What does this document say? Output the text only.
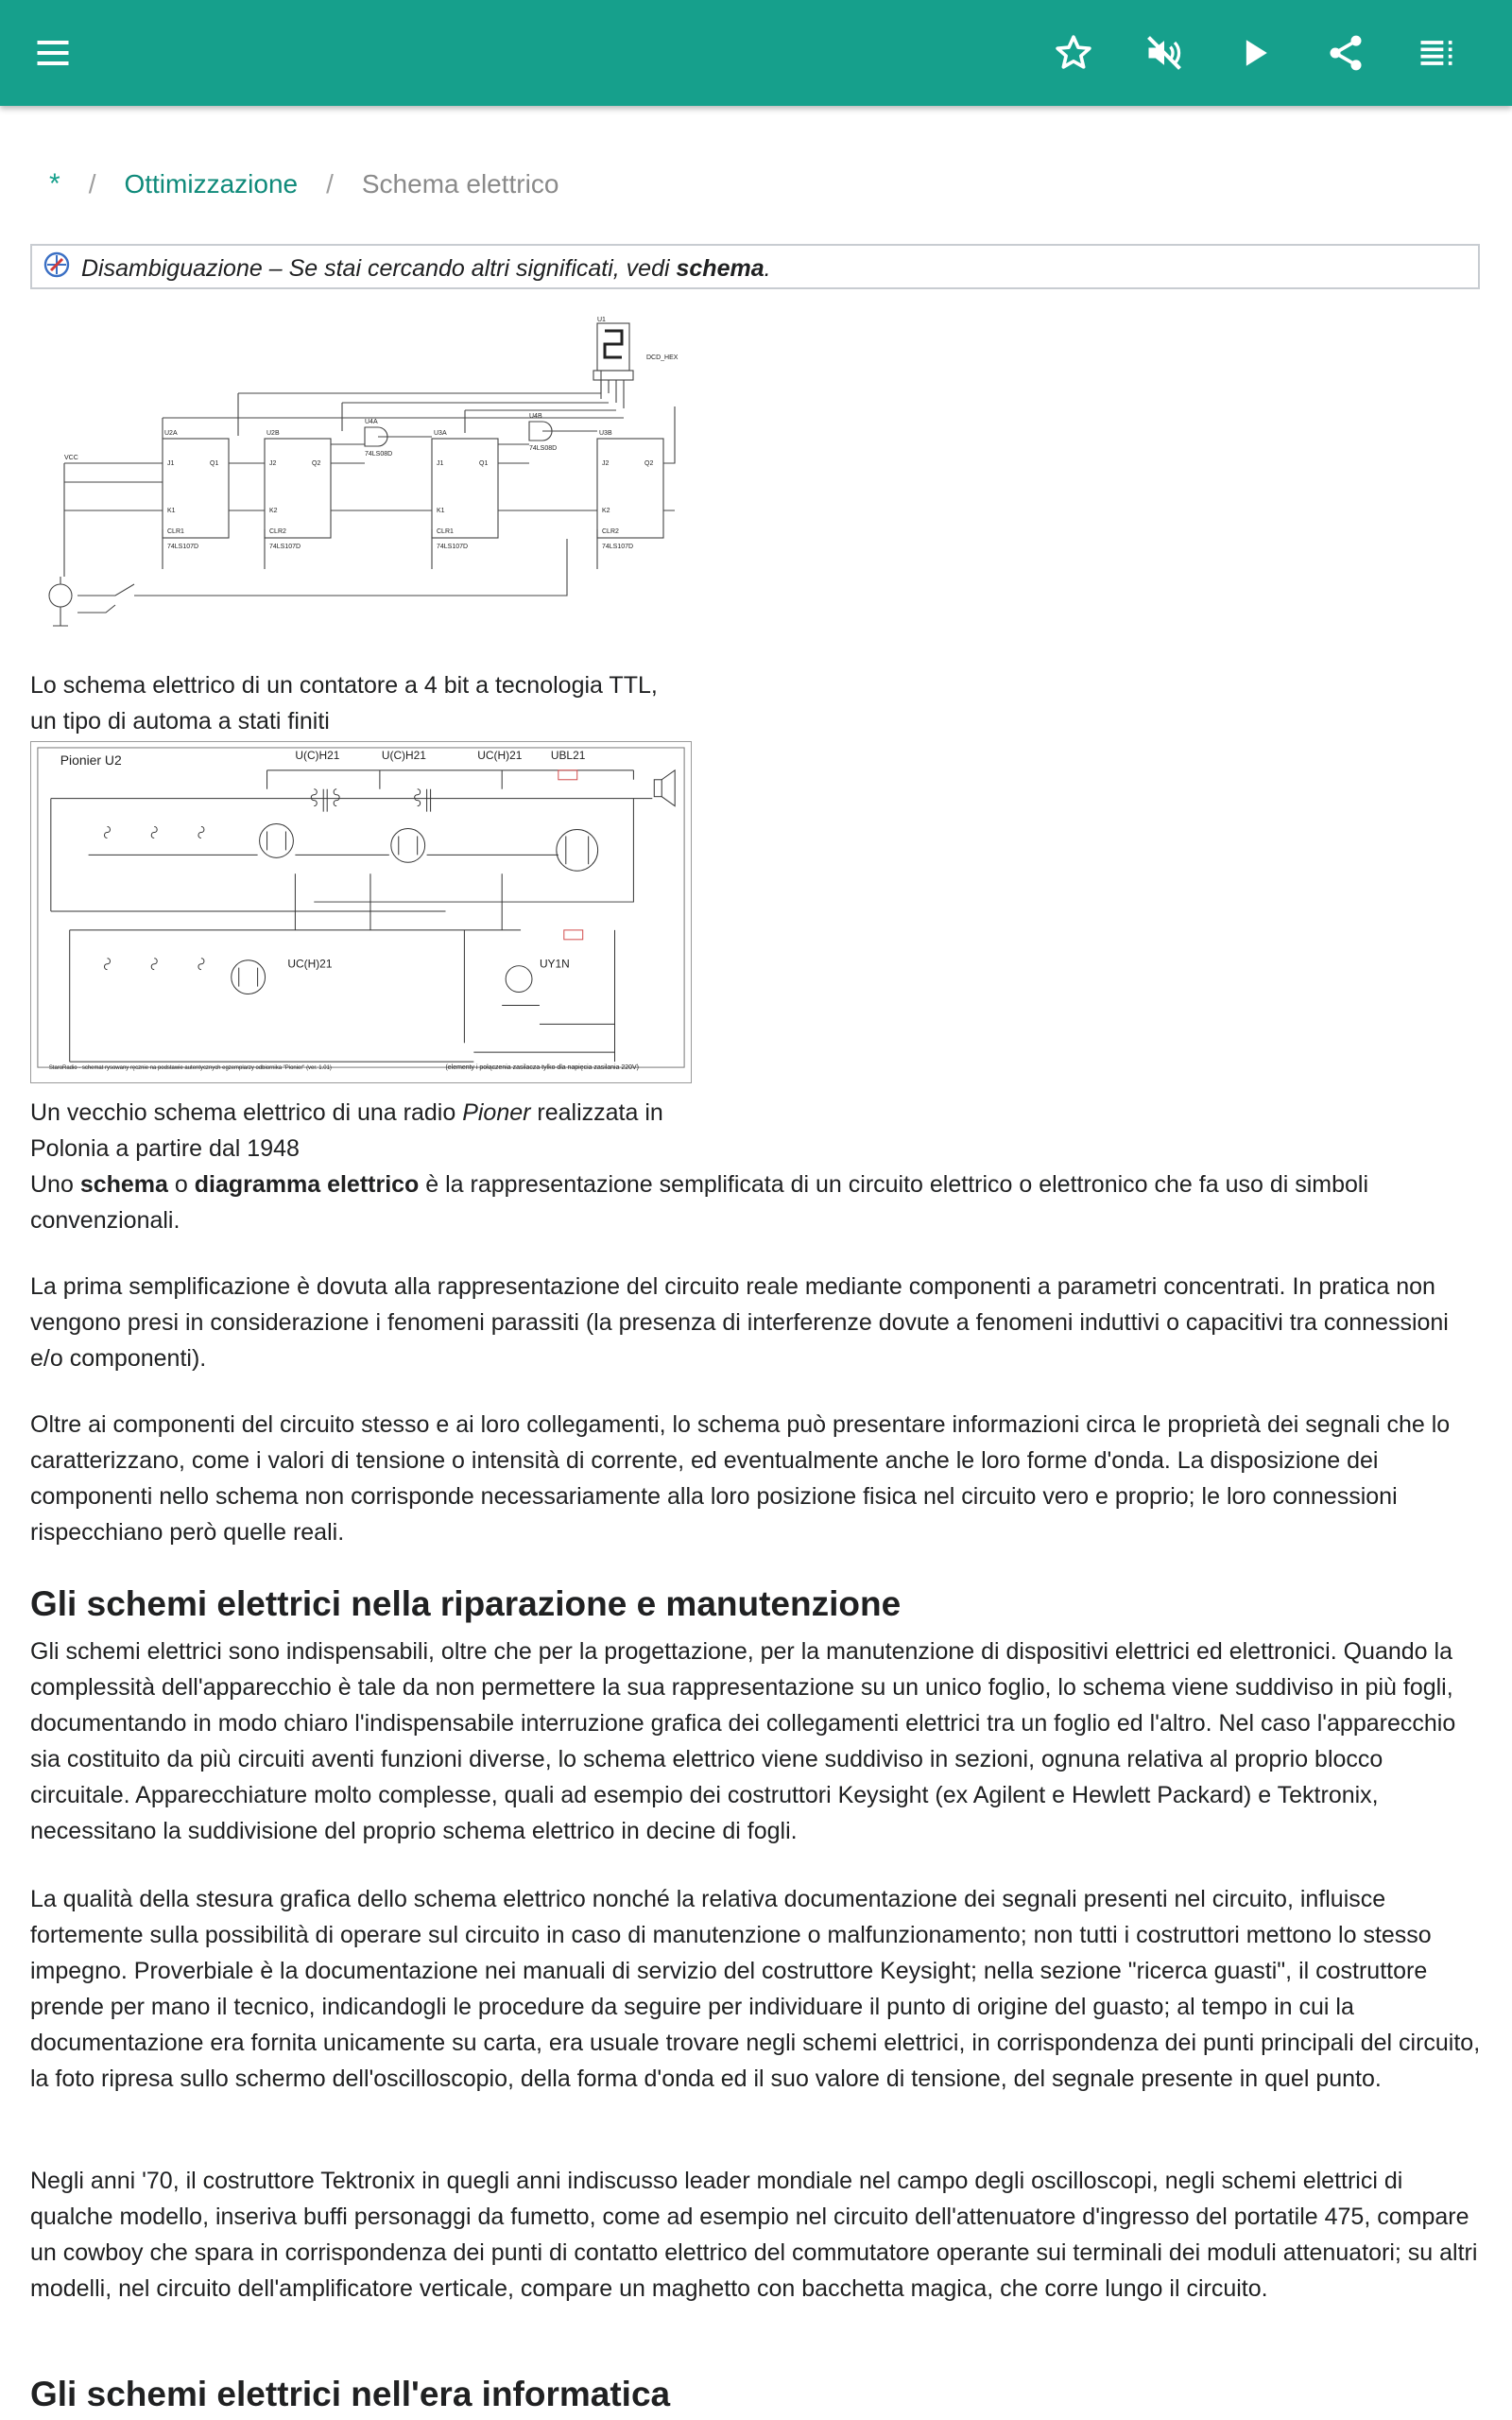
* / Ottimizzazione / Schema elettrico
Disambiguazione – Se stai cercando altri significati, vedi schema.
U1
DCD_HEX
VCC
U2A	U2B	U3A	U3B
U4A
U4B
74LS08D
74LS08D
74LS107D	74LS107D	74LS107D	74LS107D
J1
K1
CLR1
J2
K2
CLR2
Q1	Q2	J1
K1
CLR1
J2
K2
CLR2
Q1	Q2
Lo schema elettrico di un contatore a 4 bit a tecnologia TTL,
un tipo di automa a stati finiti
Pionier U2	U(C)H21	U(C)H21	UC(H)21	UBL21
UC(H)21	UY1N
(elementy i połączenia zasilacza tylko dla napięcia zasilania 220V)
StaroRadio - schemat rysowany ręcznie na podstawie autentycznych egzemplarzy odbiornika "Pionier" (ver. 1.01)
Un vecchio schema elettrico di una radio Pioner realizzata in
Polonia a partire dal 1948

Uno schema o diagramma elettrico è la rappresentazione semplificata di un circuito elettrico o elettronico che fa uso di simboli convenzionali.

La prima semplificazione è dovuta alla rappresentazione del circuito reale mediante componenti a parametri concentrati. In pratica non vengono presi in considerazione i fenomeni parassiti (la presenza di interferenze dovute a fenomeni induttivi o capacitivi tra connessioni e/o componenti).

Oltre ai componenti del circuito stesso e ai loro collegamenti, lo schema può presentare informazioni circa le proprietà dei segnali che lo caratterizzano, come i valori di tensione o intensità di corrente, ed eventualmente anche le loro forme d'onda. La disposizione dei componenti nello schema non corrisponde necessariamente alla loro posizione fisica nel circuito vero e proprio; le loro connessioni rispecchiano però quelle reali.

Gli schemi elettrici nella riparazione e manutenzione

Gli schemi elettrici sono indispensabili, oltre che per la progettazione, per la manutenzione di dispositivi elettrici ed elettronici. Quando la complessità dell'apparecchio è tale da non permettere la sua rappresentazione su un unico foglio, lo schema viene suddiviso in più fogli, documentando in modo chiaro l'indispensabile interruzione grafica dei collegamenti elettrici tra un foglio ed l'altro. Nel caso l'apparecchio sia costituito da più circuiti aventi funzioni diverse, lo schema elettrico viene suddiviso in sezioni, ognuna relativa al proprio blocco circuitale. Apparecchiature molto complesse, quali ad esempio dei costruttori Keysight (ex Agilent e Hewlett Packard) e Tektronix, necessitano la suddivisione del proprio schema elettrico in decine di fogli.

La qualità della stesura grafica dello schema elettrico nonché la relativa documentazione dei segnali presenti nel circuito, influisce fortemente sulla possibilità di operare sul circuito in caso di manutenzione o malfunzionamento; non tutti i costruttori mettono lo stesso impegno. Proverbiale è la documentazione nei manuali di servizio del costruttore Keysight; nella sezione "ricerca guasti", il costruttore prende per mano il tecnico, indicandogli le procedure da seguire per individuare il punto di origine del guasto; al tempo in cui la documentazione era fornita unicamente su carta, era usuale trovare negli schemi elettrici, in corrispondenza dei punti principali del circuito, la foto ripresa sullo schermo dell'oscilloscopio, della forma d'onda ed il suo valore di tensione, del segnale presente in quel punto.

Negli anni '70, il costruttore Tektronix in quegli anni indiscusso leader mondiale nel campo degli oscilloscopi, negli schemi elettrici di qualche modello, inseriva buffi personaggi da fumetto, come ad esempio nel circuito dell'attenuatore d'ingresso del portatile 475, compare un cowboy che spara in corrispondenza dei punti di contatto elettrico del commutatore operante sui terminali dei moduli attenuatori; su altri modelli, nel circuito dell'amplificatore verticale, compare un maghetto con bacchetta magica, che corre lungo il circuito.

Gli schemi elettrici nell'era informatica
